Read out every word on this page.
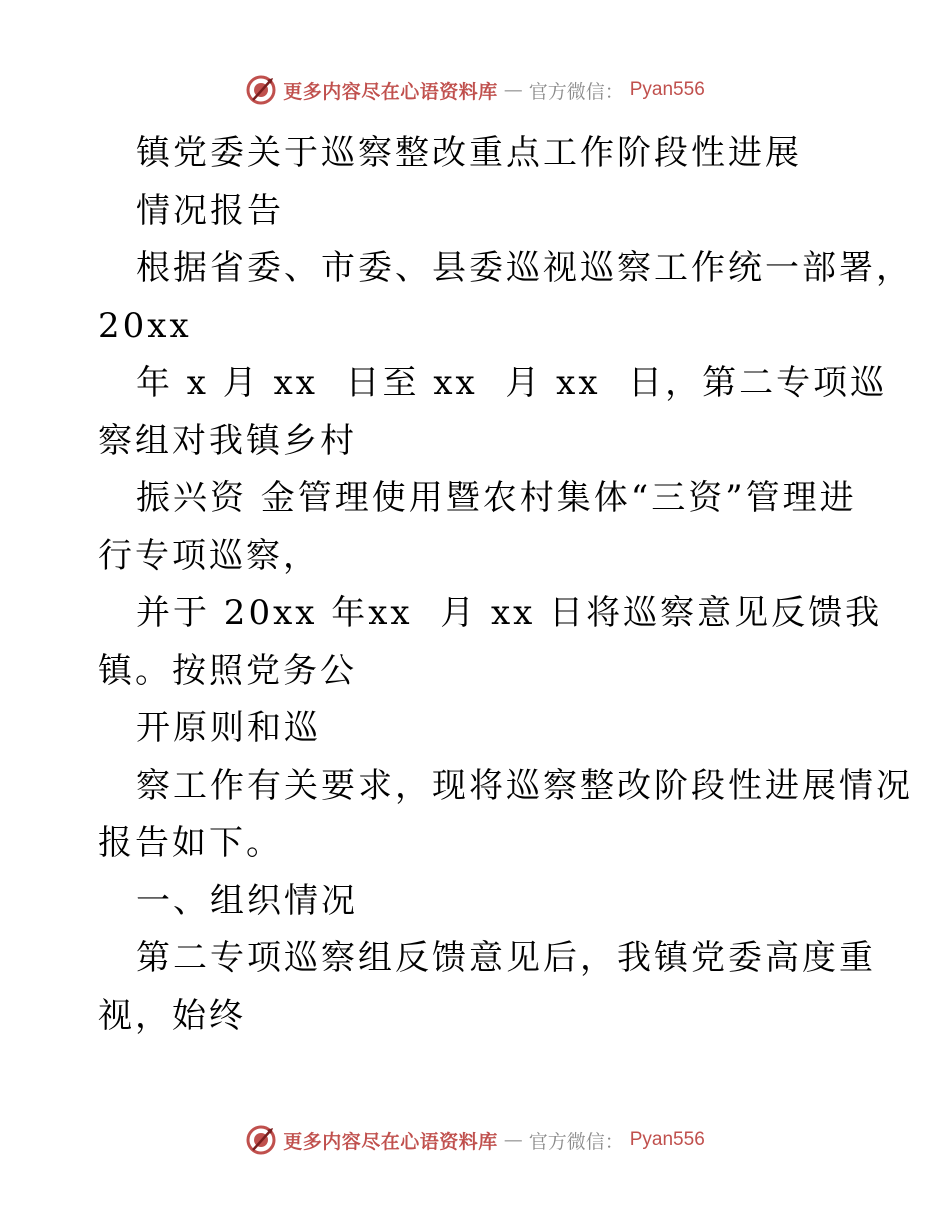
更多内容尽在心语资料库 — 官方微信： Pyan556
镇党委关于巡察整改重点工作阶段性进展
情况报告
根据省委、市委、县委巡视巡察工作统一部署，
20xx
年 x 月 xx  日至 xx  月 xx  日，第二专项巡
察组对我镇乡村
振兴资 金管理使用暨农村集体“三资”管理进
行专项巡察，
并于 20xx 年xx  月 xx 日将巡察意见反馈我
镇。按照党务公
开原则和巡
察工作有关要求，现将巡察整改阶段性进展情况
报告如下。
一、组织情况
第二专项巡察组反馈意见后，我镇党委高度重
视，始终
更多内容尽在心语资料库 — 官方微信： Pyan556
